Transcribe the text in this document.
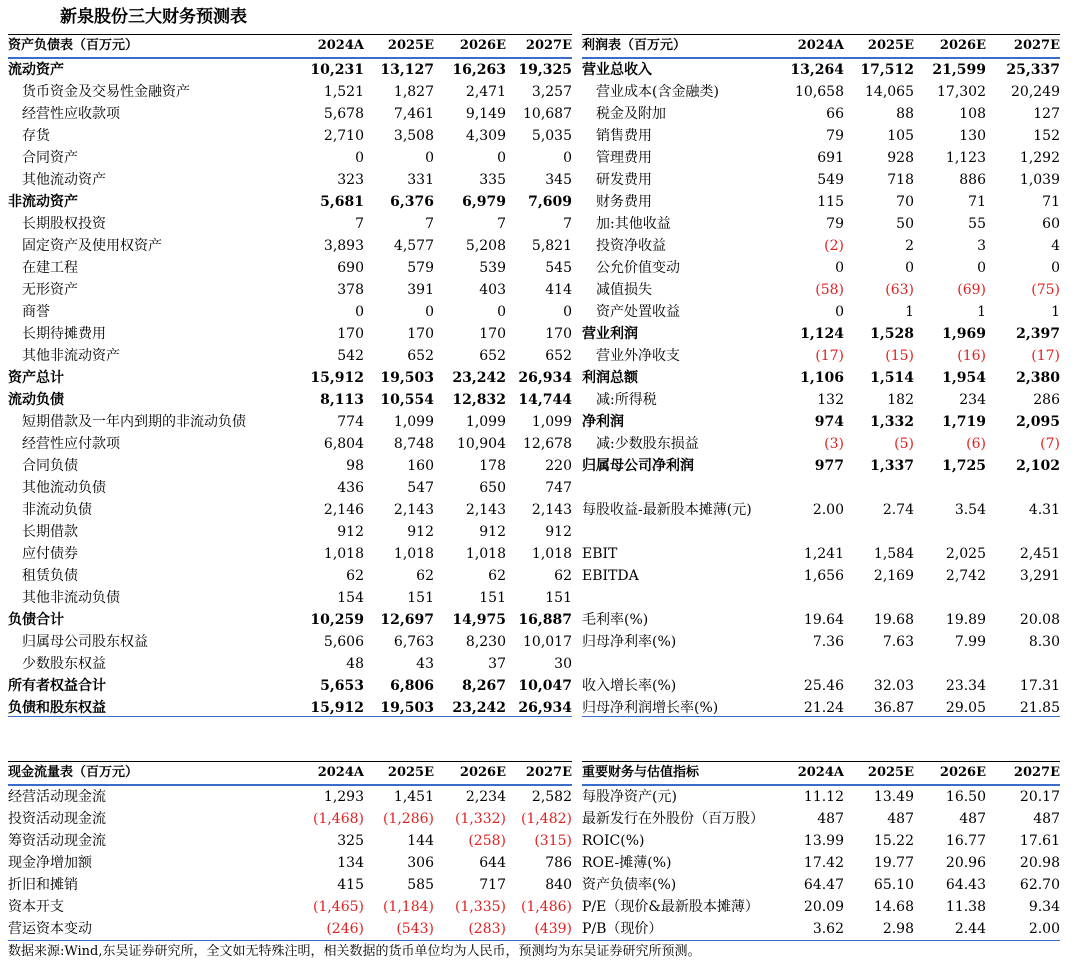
新泉股份三大财务预测表
资产负债表（百万元）	2024A	2025E	2026E	2027E
流动资产	10,231	13,127	16,263	19,325
货币资金及交易性金融资产	1,521	1,827	2,471	3,257
经营性应收款项	5,678	7,461	9,149	10,687
存货	2,710	3,508	4,309	5,035
合同资产	0	0	0	0
其他流动资产	323	331	335	345
非流动资产	5,681	6,376	6,979	7,609
长期股权投资	7	7	7	7
固定资产及使用权资产	3,893	4,577	5,208	5,821
在建工程	690	579	539	545
无形资产	378	391	403	414
商誉	0	0	0	0
长期待摊费用	170	170	170	170
其他非流动资产	542	652	652	652
资产总计	15,912	19,503	23,242	26,934
流动负债	8,113	10,554	12,832	14,744
短期借款及一年内到期的非流动负债	774	1,099	1,099	1,099
经营性应付款项	6,804	8,748	10,904	12,678
合同负债	98	160	178	220
其他流动负债	436	547	650	747
非流动负债	2,146	2,143	2,143	2,143
长期借款	912	912	912	912
应付债券	1,018	1,018	1,018	1,018
租赁负债	62	62	62	62
其他非流动负债	154	151	151	151
负债合计	10,259	12,697	14,975	16,887
归属母公司股东权益	5,606	6,763	8,230	10,017
少数股东权益	48	43	37	30
所有者权益合计	5,653	6,806	8,267	10,047
负债和股东权益	15,912	19,503	23,242	26,934
利润表（百万元）	2024A	2025E	2026E	2027E
营业总收入	13,264	17,512	21,599	25,337
营业成本(含金融类)	10,658	14,065	17,302	20,249
税金及附加	66	88	108	127
销售费用	79	105	130	152
管理费用	691	928	1,123	1,292
研发费用	549	718	886	1,039
财务费用	115	70	71	71
加:其他收益	79	50	55	60
投资净收益	(2)	2	3	4
公允价值变动	0	0	0	0
减值损失	(58)	(63)	(69)	(75)
资产处置收益	0	1	1	1
营业利润	1,124	1,528	1,969	2,397
营业外净收支	(17)	(15)	(16)	(17)
利润总额	1,106	1,514	1,954	2,380
减:所得税	132	182	234	286
净利润	974	1,332	1,719	2,095
减:少数股东损益	(3)	(5)	(6)	(7)
归属母公司净利润	977	1,337	1,725	2,102

每股收益-最新股本摊薄(元)	2.00	2.74	3.54	4.31

EBIT	1,241	1,584	2,025	2,451
EBITDA	1,656	2,169	2,742	3,291

毛利率(%)	19.64	19.68	19.89	20.08
归母净利率(%)	7.36	7.63	7.99	8.30

收入增长率(%)	25.46	32.03	23.34	17.31
归母净利润增长率(%)	21.24	36.87	29.05	21.85
现金流量表（百万元）	2024A	2025E	2026E	2027E
经营活动现金流	1,293	1,451	2,234	2,582
投资活动现金流	(1,468)	(1,286)	(1,332)	(1,482)
筹资活动现金流	325	144	(258)	(315)
现金净增加额	134	306	644	786
折旧和摊销	415	585	717	840
资本开支	(1,465)	(1,184)	(1,335)	(1,486)
营运资本变动	(246)	(543)	(283)	(439)
重要财务与估值指标	2024A	2025E	2026E	2027E
每股净资产(元)	11.12	13.49	16.50	20.17
最新发行在外股份（百万股）	487	487	487	487
ROIC(%)	13.99	15.22	16.77	17.61
ROE-摊薄(%)	17.42	19.77	20.96	20.98
资产负债率(%)	64.47	65.10	64.43	62.70
P/E（现价&最新股本摊薄）	20.09	14.68	11.38	9.34
P/B（现价）	3.62	2.98	2.44	2.00
数据来源:Wind,东吴证券研究所，全文如无特殊注明，相关数据的货币单位均为人民币，预测均为东吴证券研究所预测。
